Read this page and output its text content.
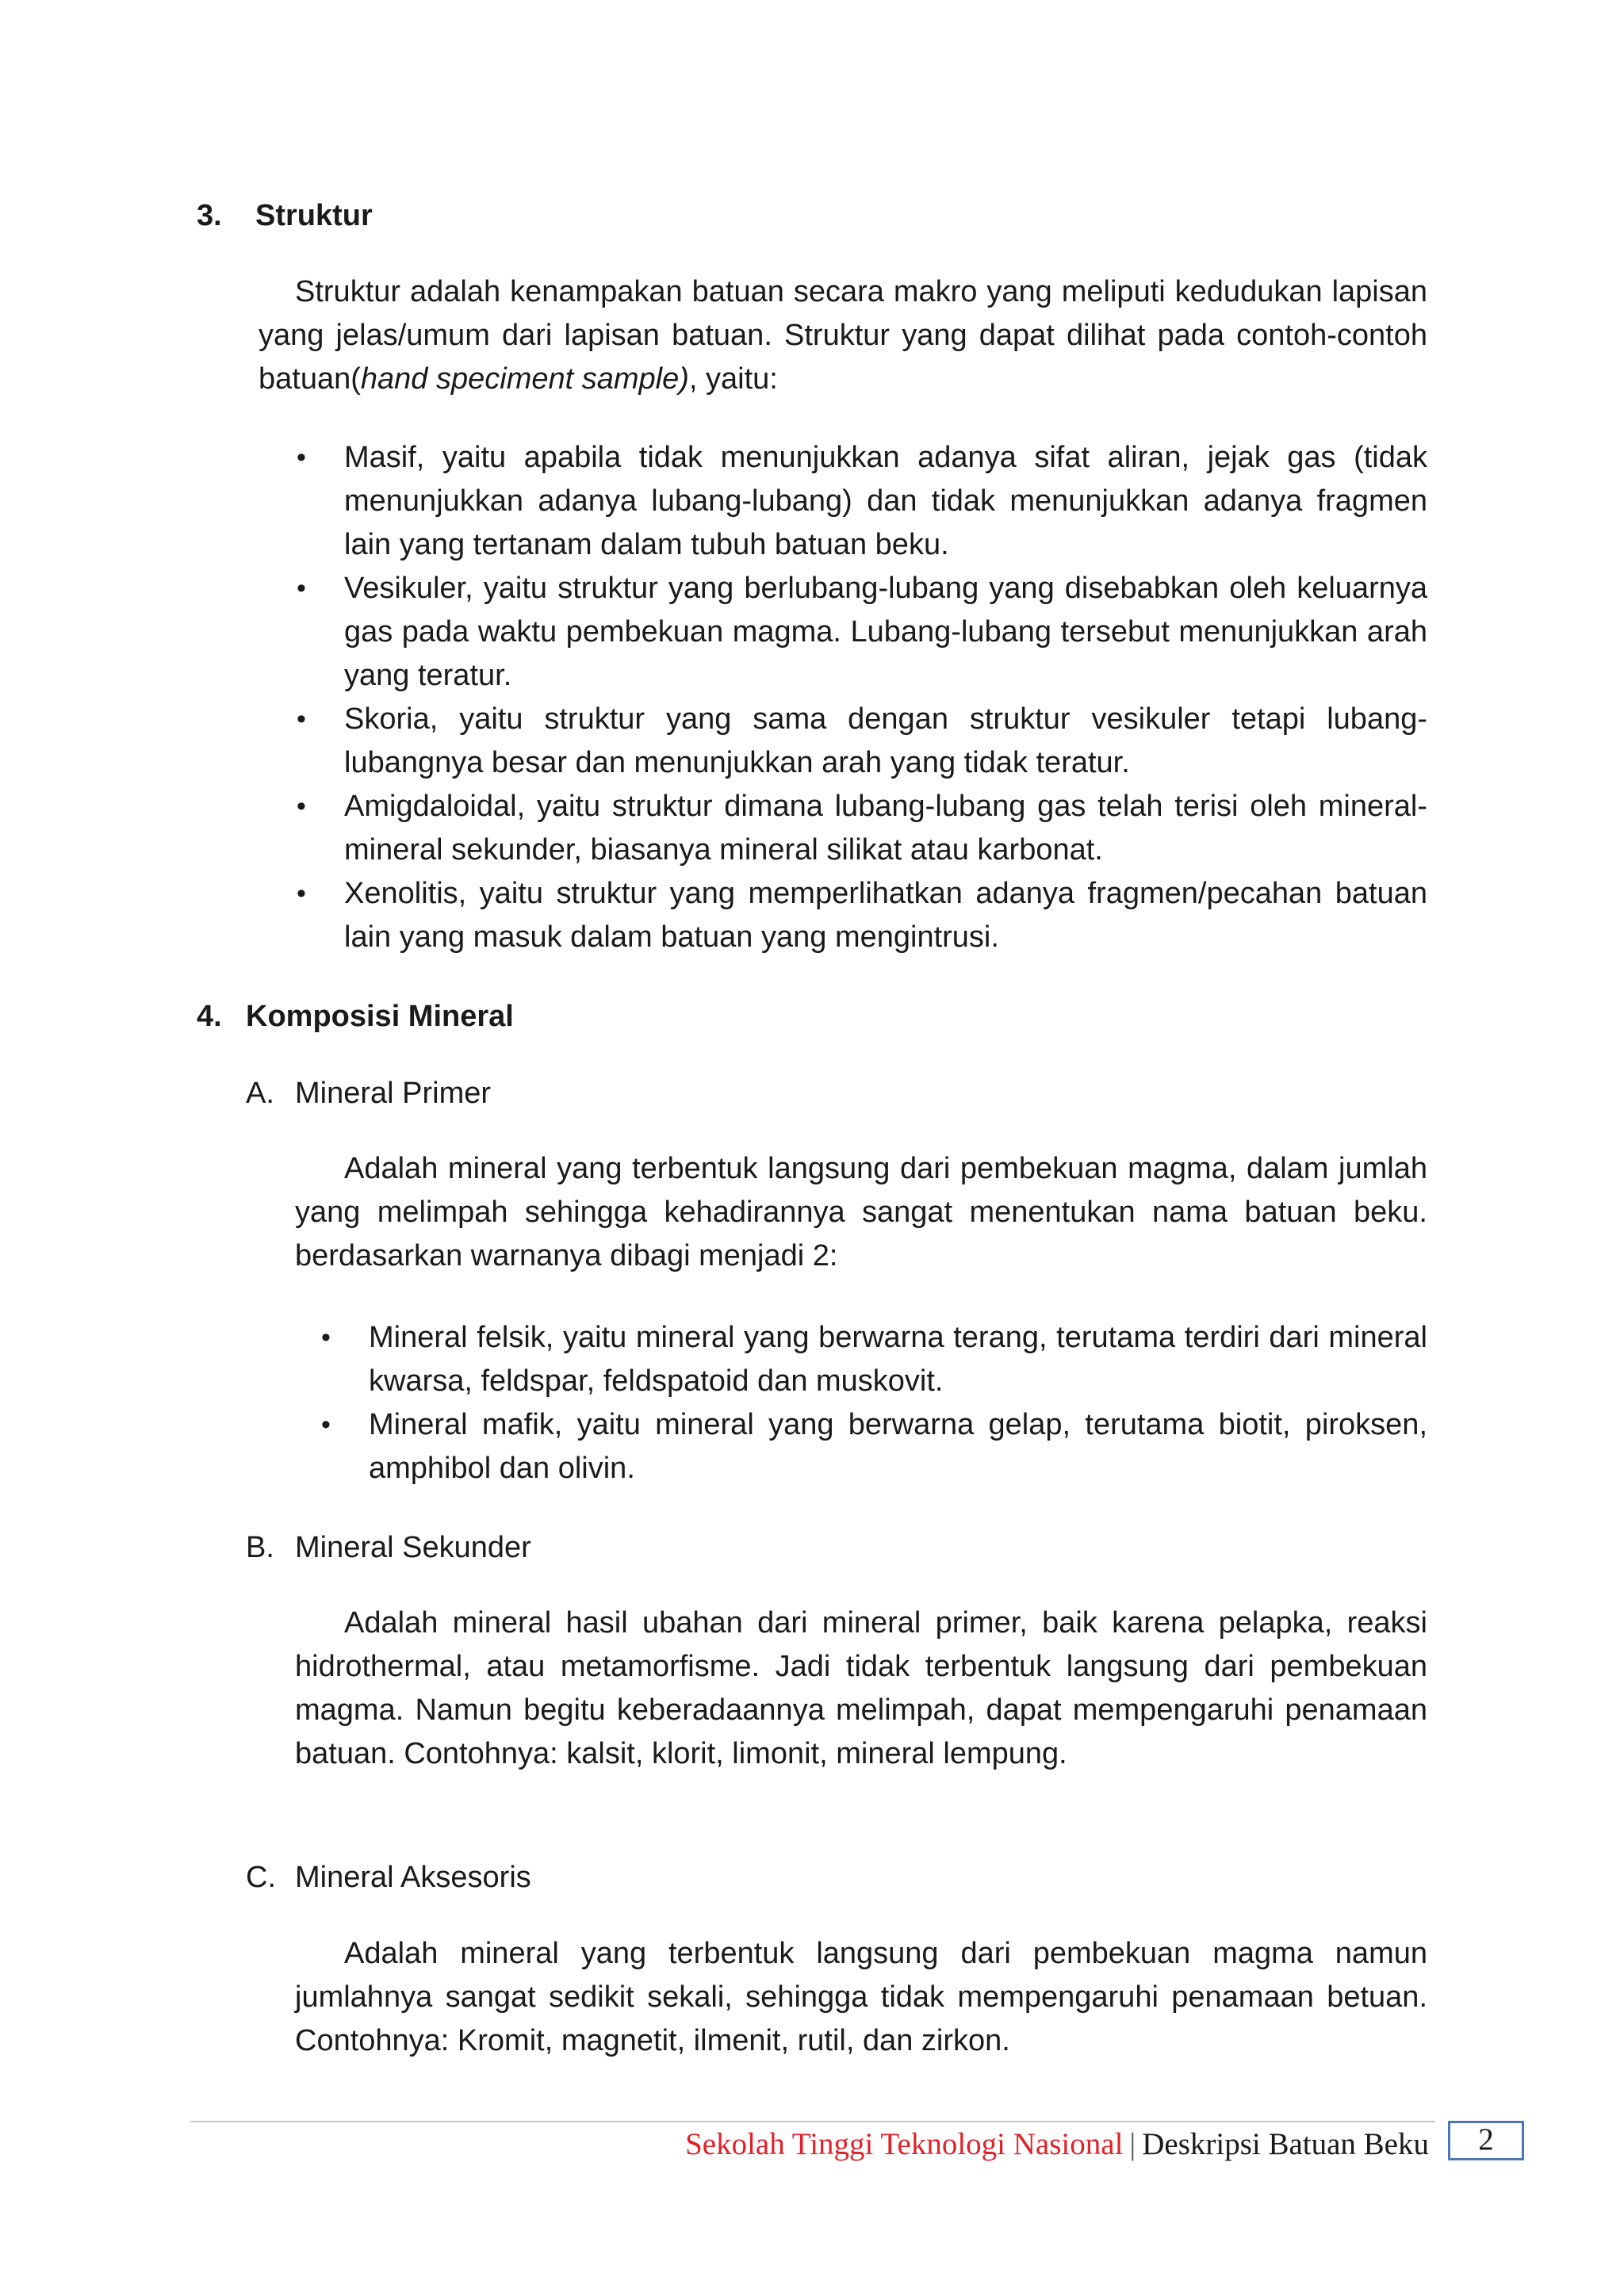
3. Struktur

Struktur adalah kenampakan batuan secara makro yang meliputi kedudukan lapisan yang jelas/umum dari lapisan batuan. Struktur yang dapat dilihat pada contoh-contoh batuan(hand speciment sample), yaitu:

• Masif, yaitu apabila tidak menunjukkan adanya sifat aliran, jejak gas (tidak menunjukkan adanya lubang-lubang) dan tidak menunjukkan adanya fragmen lain yang tertanam dalam tubuh batuan beku.
• Vesikuler, yaitu struktur yang berlubang-lubang yang disebabkan oleh keluarnya gas pada waktu pembekuan magma. Lubang-lubang tersebut menunjukkan arah yang teratur.
• Skoria, yaitu struktur yang sama dengan struktur vesikuler tetapi lubang-lubangnya besar dan menunjukkan arah yang tidak teratur.
• Amigdaloidal, yaitu struktur dimana lubang-lubang gas telah terisi oleh mineral-mineral sekunder, biasanya mineral silikat atau karbonat.
• Xenolitis, yaitu struktur yang memperlihatkan adanya fragmen/pecahan batuan lain yang masuk dalam batuan yang mengintrusi.
4. Komposisi Mineral
A. Mineral Primer

Adalah mineral yang terbentuk langsung dari pembekuan magma, dalam jumlah yang melimpah sehingga kehadirannya sangat menentukan nama batuan beku. berdasarkan warnanya dibagi menjadi 2:

• Mineral felsik, yaitu mineral yang berwarna terang, terutama terdiri dari mineral kwarsa, feldspar, feldspatoid dan muskovit.
• Mineral mafik, yaitu mineral yang berwarna gelap, terutama biotit, piroksen, amphibol dan olivin.
B. Mineral Sekunder

Adalah mineral hasil ubahan dari mineral primer, baik karena pelapka, reaksi hidrothermal, atau metamorfisme. Jadi tidak terbentuk langsung dari pembekuan magma. Namun begitu keberadaannya melimpah, dapat mempengaruhi penamaan batuan. Contohnya: kalsit, klorit, limonit, mineral lempung.

C. Mineral Aksesoris

Adalah mineral yang terbentuk langsung dari pembekuan magma namun jumlahnya sangat sedikit sekali, sehingga tidak mempengaruhi penamaan betuan. Contohnya: Kromit, magnetit, ilmenit, rutil, dan zirkon.

Sekolah Tinggi Teknologi Nasional | Deskripsi Batuan Beku	2
